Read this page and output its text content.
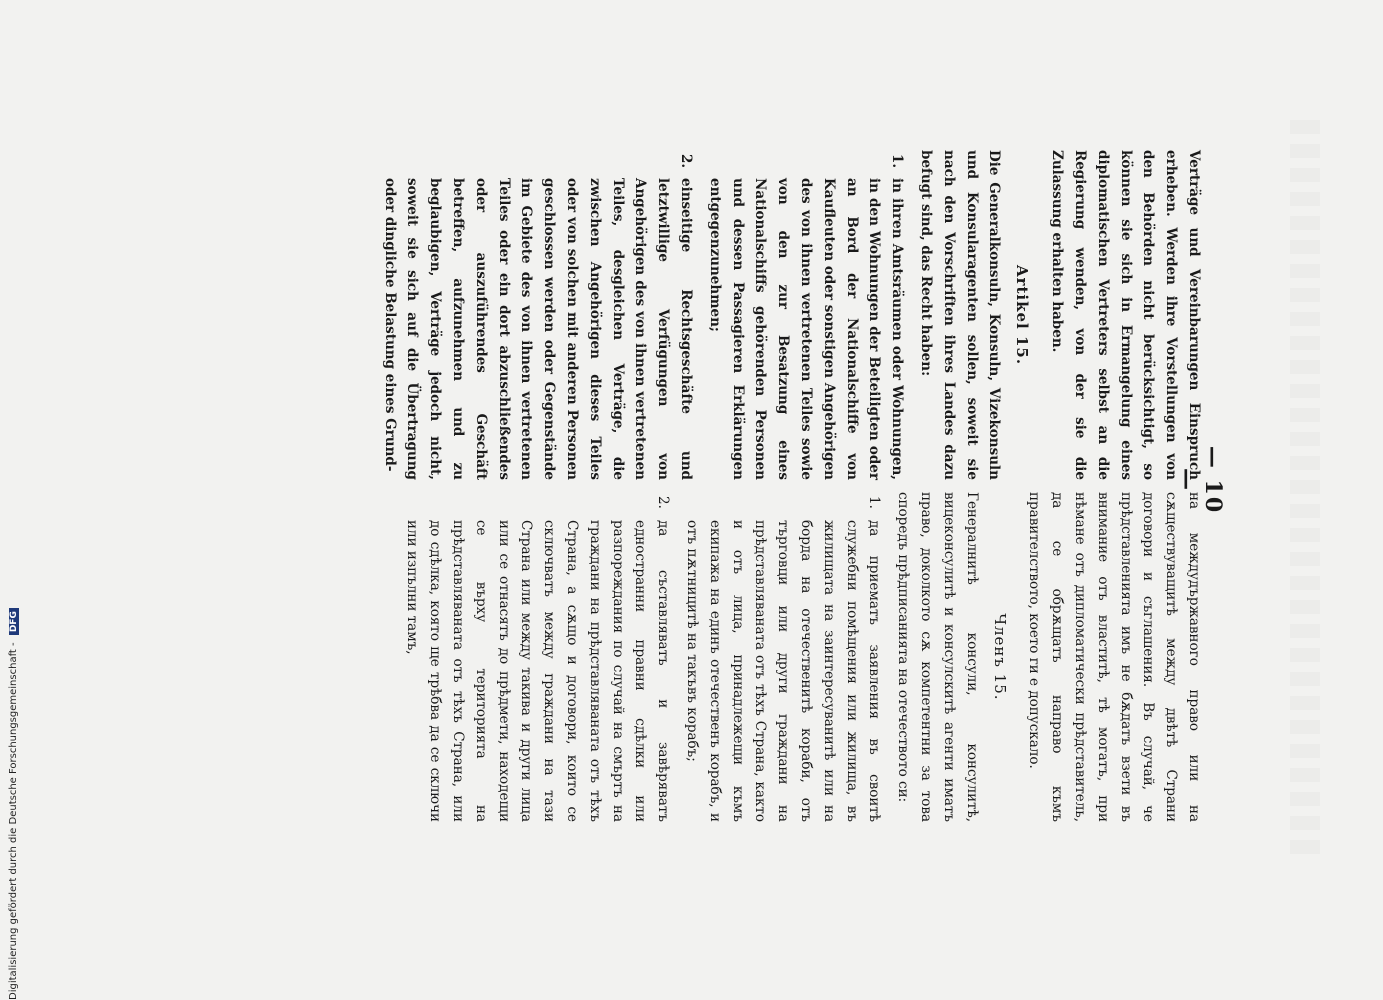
— 10 —

на междудържавного право или на сѫществуващитѣ между двѣтѣ Страни договори и съглашения. Въ случай, че прѣдставленията имъ не бѫдатъ взети въ внимание отъ властитѣ, тѣ могатъ, при нѣмане отъ дипломатически прѣдставитель, да се обрѫщатъ направо къмъ правителството, което ги е допускало.

Членъ 15.

Генералнитѣ консули, консулитѣ, вицеконсулитѣ и консулскитѣ агенти иматъ право, доколкото сѫ компетентни за това споредъ прѣдписанията на отечеството си:

1.
да приематъ заявления въ своитѣ служебни помѣщения или жилища, въ жилищата на заинтересуванитѣ или на борда на отечественитѣ кораби, отъ търговци или други граждани на прѣдставляваната отъ тѣхъ Страна, както и отъ лица, принадлежещи къмъ екипажа на единъ отечественъ корабъ, и отъ пѫтницитѣ на такъвъ корабъ;
2.
да съставляватъ и завѣряватъ едностранни правни сдѣлки или разпореждания по случай на смъртъ на граждани на прѣдставляваната отъ тѣхъ Страна, а сѫщо и договори, които се сключватъ между граждани на тази Страна или между такива и други лица или се отнасятъ до прѣдмети, находещи се върху територията на прѣдставляваната отъ тѣхъ Страна, или до сдѣлка, която ще трѣбва да се сключи или изпълни тамъ,

Verträge und Vereinbarungen Einspruch erheben. Werden ihre Vorstellungen von den Behörden nicht berücksichtigt, so können sie sich in Ermangelung eines diplomatischen Vertreters selbst an die Regierung wenden, von der sie die Zulassung erhalten haben.

Artikel 15.

Die Generalkonsuln, Konsuln, Vizekonsuln und Konsularagenten sollen, soweit sie nach den Vorschriften ihres Landes dazu befugt sind, das Recht haben:

1.
in ihren Amtsräumen oder Wohnungen, in den Wohnungen der Beteiligten oder an Bord der Nationalschiffe von Kaufleuten oder sonstigen Angehörigen des von ihnen vertretenen Teiles sowie von den zur Besatzung eines Nationalschiffs gehörenden Personen und dessen Passagieren Erklärungen entgegenzunehmen;
2.
einseitige Rechtsgeschäfte und letztwillige Verfügungen von Angehörigen des von ihnen vertretenen Teiles, desgleichen Verträge, die zwischen Angehörigen dieses Teiles oder von solchen mit anderen Personen geschlossen werden oder Gegenstände im Gebiete des von ihnen vertretenen Teiles oder ein dort abzuschließendes oder auszuführendes Geschäft betreffen, aufzunehmen und zu beglaubigen, Verträge jedoch nicht, soweit sie sich auf die Übertragung oder dingliche Belastung eines Grund-
Digitalisierung gefördert durch die Deutsche Forschungsgemeinschaft - DFG
